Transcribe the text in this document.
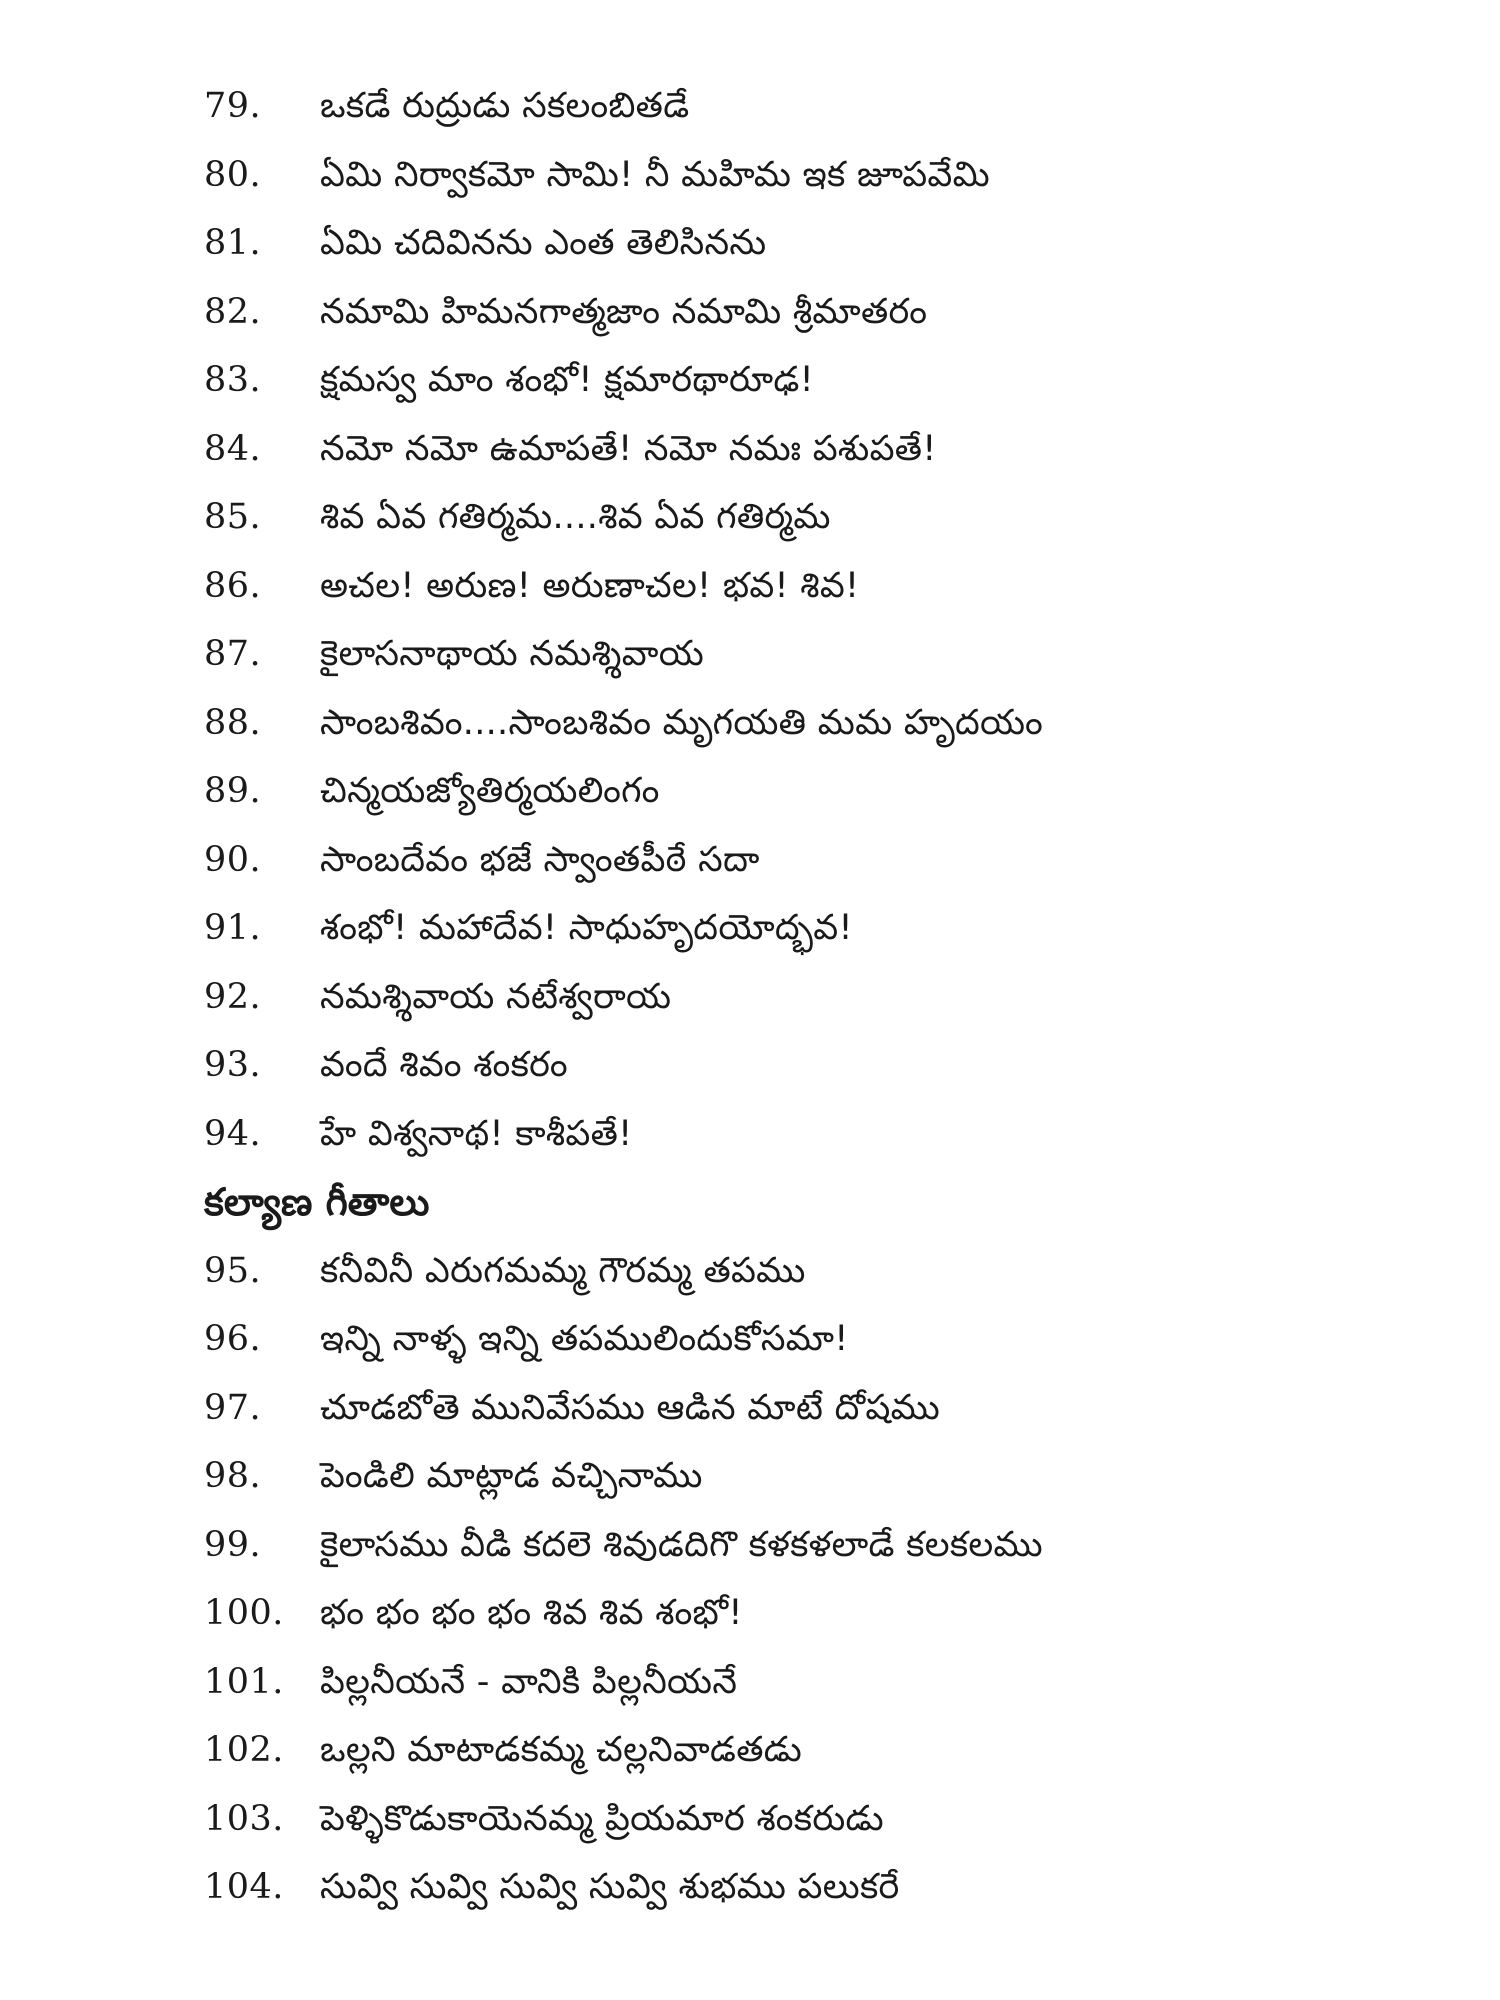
79.	ఒకడే రుద్రుడు సకలంబితడే
80.	ఏమి నిర్వాకమో సామి! నీ మహిమ ఇక జూపవేమి
81.	ఏమి చదివినను ఎంత తెలిసినను
82.	నమామి హిమనగాత్మజాం నమామి శ్రీమాతరం
83.	క్షమస్వ మాం శంభో! క్షమారథారూఢ!
84.	నమో నమో ఉమాపతే! నమో నమః పశుపతే!
85.	శివ ఏవ గతిర్మమ....శివ ఏవ గతిర్మమ
86.	అచల! అరుణ! అరుణాచల! భవ! శివ!
87.	కైలాసనాథాయ నమశ్శివాయ
88.	సాంబశివం....సాంబశివం మృగయతి మమ హృదయం
89.	చిన్మయజ్యోతిర్మయలింగం
90.	సాంబదేవం భజే స్వాంతపీఠే సదా
91.	శంభో! మహాదేవ! సాధుహృదయోద్భవ!
92.	నమశ్శివాయ నటేశ్వరాయ
93.	వందే శివం శంకరం
94.	హే విశ్వనాథ! కాశీపతే!
కల్యాణ గీతాలు
95.	కనీవినీ ఎరుగమమ్మ గౌరమ్మ తపము
96.	ఇన్ని నాళ్ళ ఇన్ని తపములిందుకోసమా!
97.	చూడబోతె మునివేసము ఆడిన మాటే దోషము
98.	పెండిలి మాట్లాడ వచ్చినాము
99.	కైలాసము వీడి కదలె శివుడదిగొ కళకళలాడే కలకలము
100.	భం భం భం భం శివ శివ శంభో!
101.	పిల్లనీయనే - వానికి పిల్లనీయనే
102.	ఒల్లని మాటాడకమ్మ చల్లనివాడతడు
103.	పెళ్ళికొడుకాయెనమ్మ ప్రియమార శంకరుడు
104.	సువ్వి సువ్వి సువ్వి సువ్వి శుభము పలుకరే
